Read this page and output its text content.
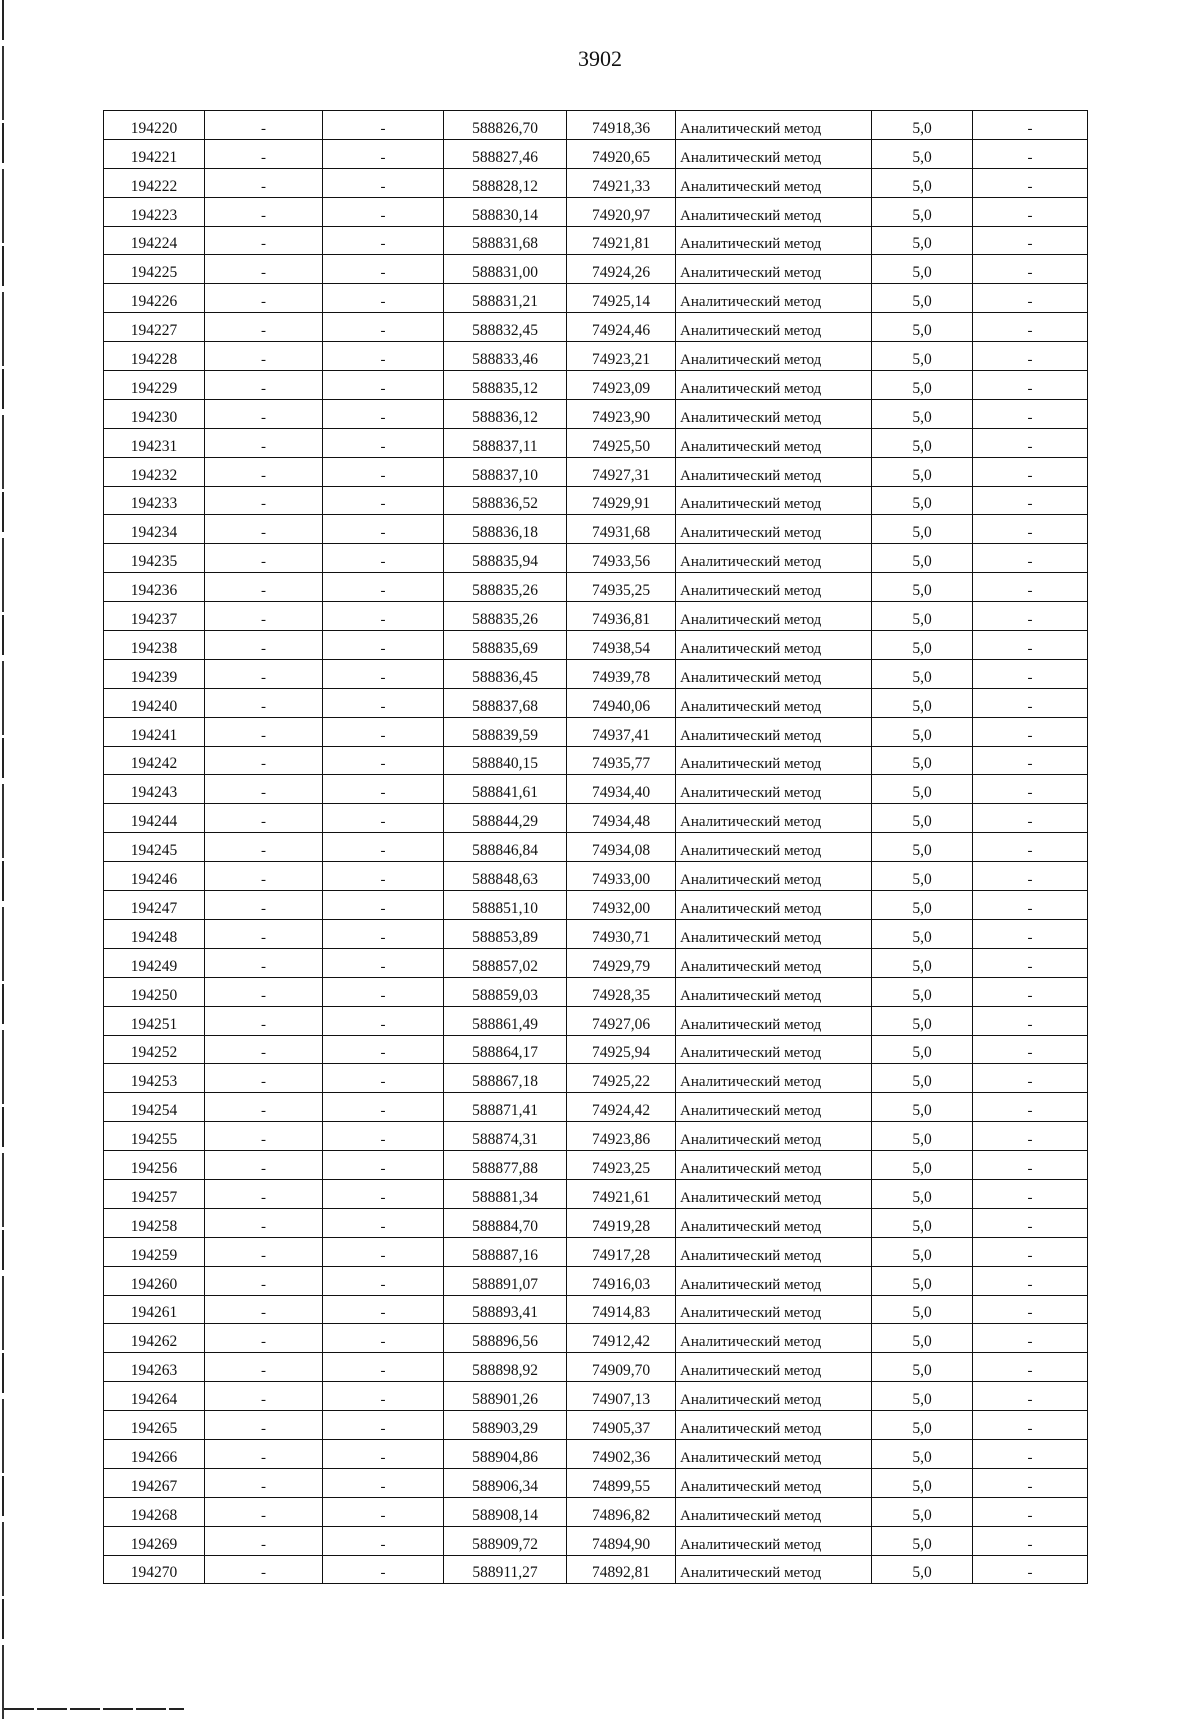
3902
194220	-	-	588826,70	74918,36	Аналитический метод	5,0	-
194221	-	-	588827,46	74920,65	Аналитический метод	5,0	-
194222	-	-	588828,12	74921,33	Аналитический метод	5,0	-
194223	-	-	588830,14	74920,97	Аналитический метод	5,0	-
194224	-	-	588831,68	74921,81	Аналитический метод	5,0	-
194225	-	-	588831,00	74924,26	Аналитический метод	5,0	-
194226	-	-	588831,21	74925,14	Аналитический метод	5,0	-
194227	-	-	588832,45	74924,46	Аналитический метод	5,0	-
194228	-	-	588833,46	74923,21	Аналитический метод	5,0	-
194229	-	-	588835,12	74923,09	Аналитический метод	5,0	-
194230	-	-	588836,12	74923,90	Аналитический метод	5,0	-
194231	-	-	588837,11	74925,50	Аналитический метод	5,0	-
194232	-	-	588837,10	74927,31	Аналитический метод	5,0	-
194233	-	-	588836,52	74929,91	Аналитический метод	5,0	-
194234	-	-	588836,18	74931,68	Аналитический метод	5,0	-
194235	-	-	588835,94	74933,56	Аналитический метод	5,0	-
194236	-	-	588835,26	74935,25	Аналитический метод	5,0	-
194237	-	-	588835,26	74936,81	Аналитический метод	5,0	-
194238	-	-	588835,69	74938,54	Аналитический метод	5,0	-
194239	-	-	588836,45	74939,78	Аналитический метод	5,0	-
194240	-	-	588837,68	74940,06	Аналитический метод	5,0	-
194241	-	-	588839,59	74937,41	Аналитический метод	5,0	-
194242	-	-	588840,15	74935,77	Аналитический метод	5,0	-
194243	-	-	588841,61	74934,40	Аналитический метод	5,0	-
194244	-	-	588844,29	74934,48	Аналитический метод	5,0	-
194245	-	-	588846,84	74934,08	Аналитический метод	5,0	-
194246	-	-	588848,63	74933,00	Аналитический метод	5,0	-
194247	-	-	588851,10	74932,00	Аналитический метод	5,0	-
194248	-	-	588853,89	74930,71	Аналитический метод	5,0	-
194249	-	-	588857,02	74929,79	Аналитический метод	5,0	-
194250	-	-	588859,03	74928,35	Аналитический метод	5,0	-
194251	-	-	588861,49	74927,06	Аналитический метод	5,0	-
194252	-	-	588864,17	74925,94	Аналитический метод	5,0	-
194253	-	-	588867,18	74925,22	Аналитический метод	5,0	-
194254	-	-	588871,41	74924,42	Аналитический метод	5,0	-
194255	-	-	588874,31	74923,86	Аналитический метод	5,0	-
194256	-	-	588877,88	74923,25	Аналитический метод	5,0	-
194257	-	-	588881,34	74921,61	Аналитический метод	5,0	-
194258	-	-	588884,70	74919,28	Аналитический метод	5,0	-
194259	-	-	588887,16	74917,28	Аналитический метод	5,0	-
194260	-	-	588891,07	74916,03	Аналитический метод	5,0	-
194261	-	-	588893,41	74914,83	Аналитический метод	5,0	-
194262	-	-	588896,56	74912,42	Аналитический метод	5,0	-
194263	-	-	588898,92	74909,70	Аналитический метод	5,0	-
194264	-	-	588901,26	74907,13	Аналитический метод	5,0	-
194265	-	-	588903,29	74905,37	Аналитический метод	5,0	-
194266	-	-	588904,86	74902,36	Аналитический метод	5,0	-
194267	-	-	588906,34	74899,55	Аналитический метод	5,0	-
194268	-	-	588908,14	74896,82	Аналитический метод	5,0	-
194269	-	-	588909,72	74894,90	Аналитический метод	5,0	-
194270	-	-	588911,27	74892,81	Аналитический метод	5,0	-
